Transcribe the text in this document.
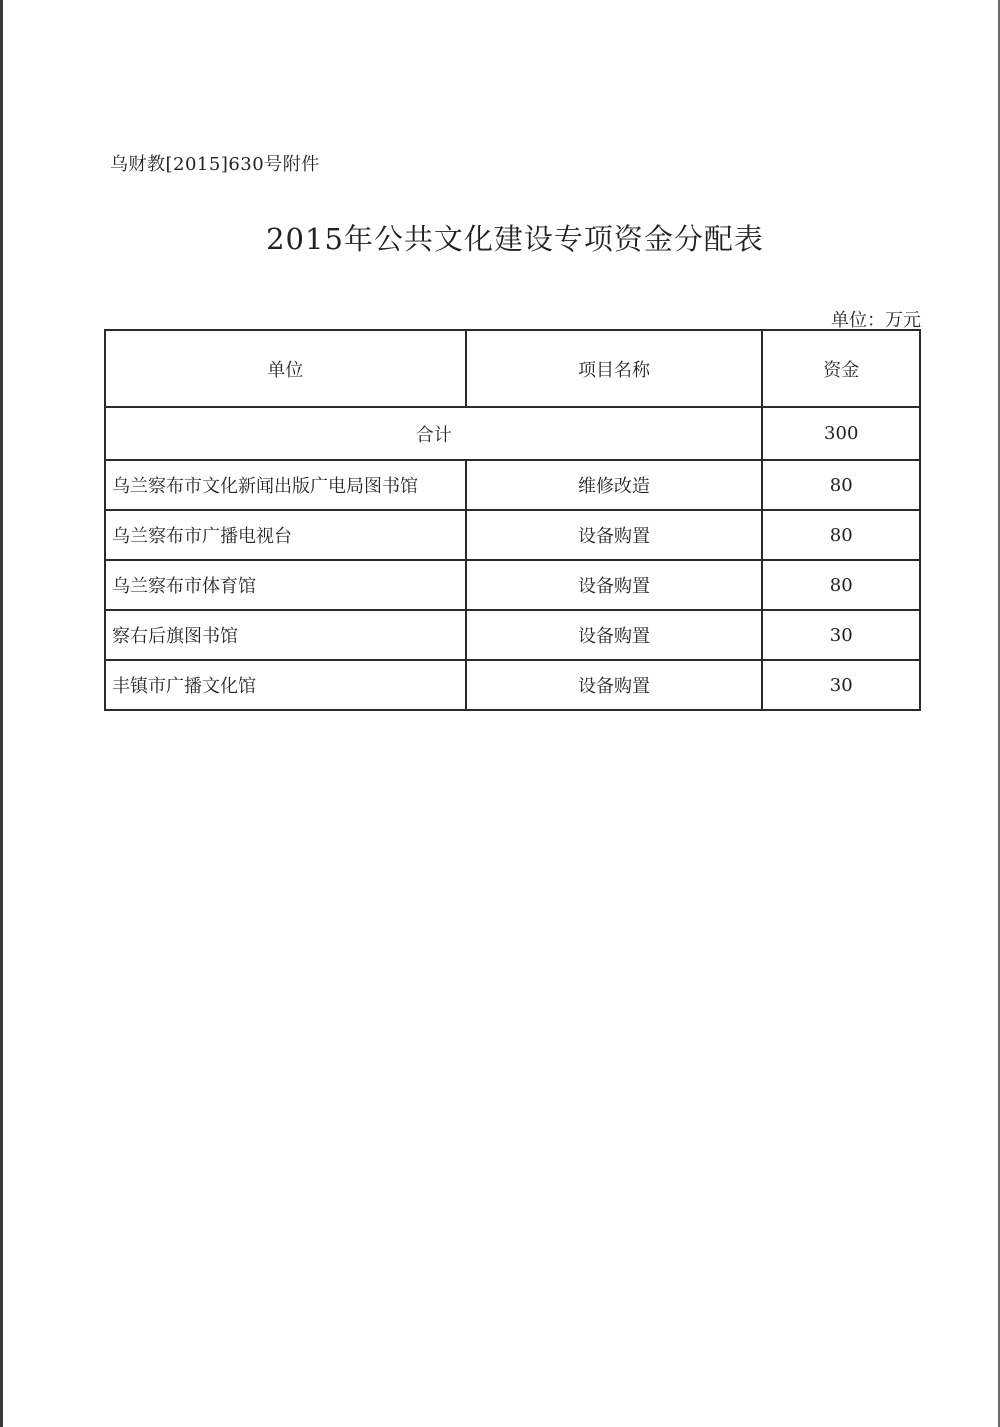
乌财教[2015]630号附件
2015年公共文化建设专项资金分配表
单位：万元
单位	项目名称	资金
合计		300
乌兰察布市文化新闻出版广电局图书馆	维修改造	80
乌兰察布市广播电视台	设备购置	80
乌兰察布市体育馆	设备购置	80
察右后旗图书馆	设备购置	30
丰镇市广播文化馆	设备购置	30
